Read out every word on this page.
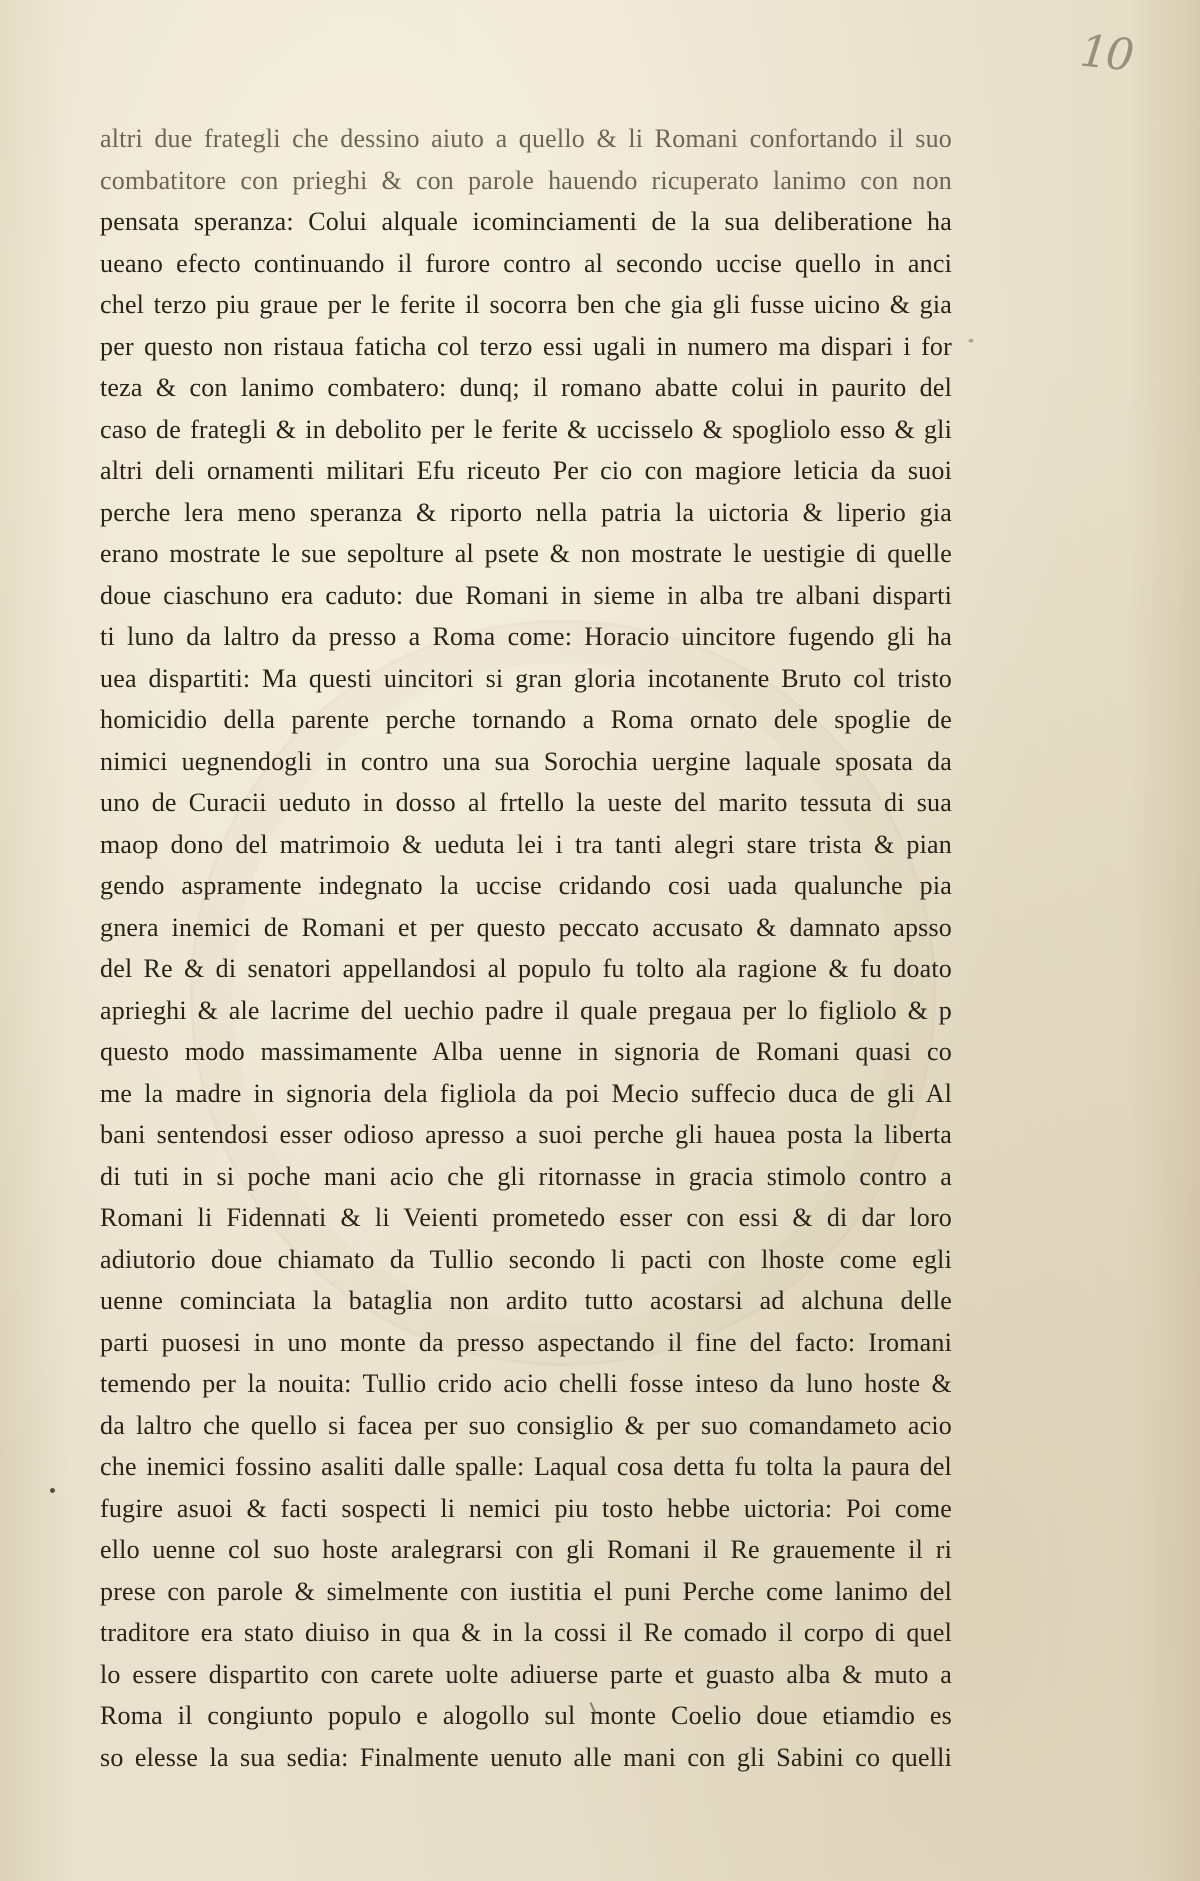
10
*
altri due frategli che dessino aiuto a quello & li Romani confortando il suo
combatitore con prieghi & con parole hauendo ricuperato lanimo con non
pensata speranza: Colui alquale icominciamenti de la sua deliberatione ha
ueano efecto continuando il furore contro al secondo uccise quello in anci
chel terzo piu graue per le ferite il socorra ben che gia gli fusse uicino & gia
per questo non ristaua faticha col terzo essi ugali in numero ma dispari i for
teza & con lanimo combatero: dunq; il romano abatte colui in paurito del
caso de frategli & in debolito per le ferite & uccisselo & spogliolo esso & gli
altri deli ornamenti militari Efu riceuto Per cio con magiore leticia da suoi
perche lera meno speranza & riporto nella patria la uictoria & liperio gia
erano mostrate le sue sepolture al psete & non mostrate le uestigie di quelle
doue ciaschuno era caduto: due Romani in sieme in alba tre albani disparti
ti luno da laltro da presso a Roma come: Horacio uincitore fugendo gli ha
uea dispartiti: Ma questi uincitori si gran gloria incotanente Bruto col tristo
homicidio della parente perche tornando a Roma ornato dele spoglie de
nimici uegnendogli in contro una sua Sorochia uergine laquale sposata da
uno de Curacii ueduto in dosso al frtello la ueste del marito tessuta di sua
maop dono del matrimoio & ueduta lei i tra tanti alegri stare trista & pian
gendo aspramente indegnato la uccise cridando cosi uada qualunche pia
gnera inemici de Romani et per questo peccato accusato & damnato apsso
del Re & di senatori appellandosi al populo fu tolto ala ragione & fu doato
aprieghi & ale lacrime del uechio padre il quale pregaua per lo figliolo & p
questo modo massimamente Alba uenne in signoria de Romani quasi co
me la madre in signoria dela figliola da poi Mecio suffecio duca de gli Al
bani sentendosi esser odioso apresso a suoi perche gli hauea posta la liberta
di tuti in si poche mani acio che gli ritornasse in gracia stimolo contro a
Romani li Fidennati & li Veienti prometedo esser con essi & di dar loro
adiutorio doue chiamato da Tullio secondo li pacti con lhoste come egli
uenne cominciata la bataglia non ardito tutto acostarsi ad alchuna delle
parti puosesi in uno monte da presso aspectando il fine del facto: Iromani
temendo per la nouita: Tullio crido acio chelli fosse inteso da luno hoste &
da laltro che quello si facea per suo consiglio & per suo comandameto acio
che inemici fossino asaliti dalle spalle: Laqual cosa detta fu tolta la paura del
fugire asuoi & facti sospecti li nemici piu tosto hebbe uictoria: Poi come
ello uenne col suo hoste aralegrarsi con gli Romani il Re grauemente il ri
prese con parole & simelmente con iustitia el puni Perche come lanimo del
traditore era stato diuiso in qua & in la cossi il Re comado il corpo di quel
lo essere dispartito con carete uolte adiuerse parte et guasto alba & muto a
Roma il congiunto populo e alogollo sul monte Coelio doue etiamdio es
so elesse la sua sedia: Finalmente uenuto alle mani con gli Sabini co quelli
